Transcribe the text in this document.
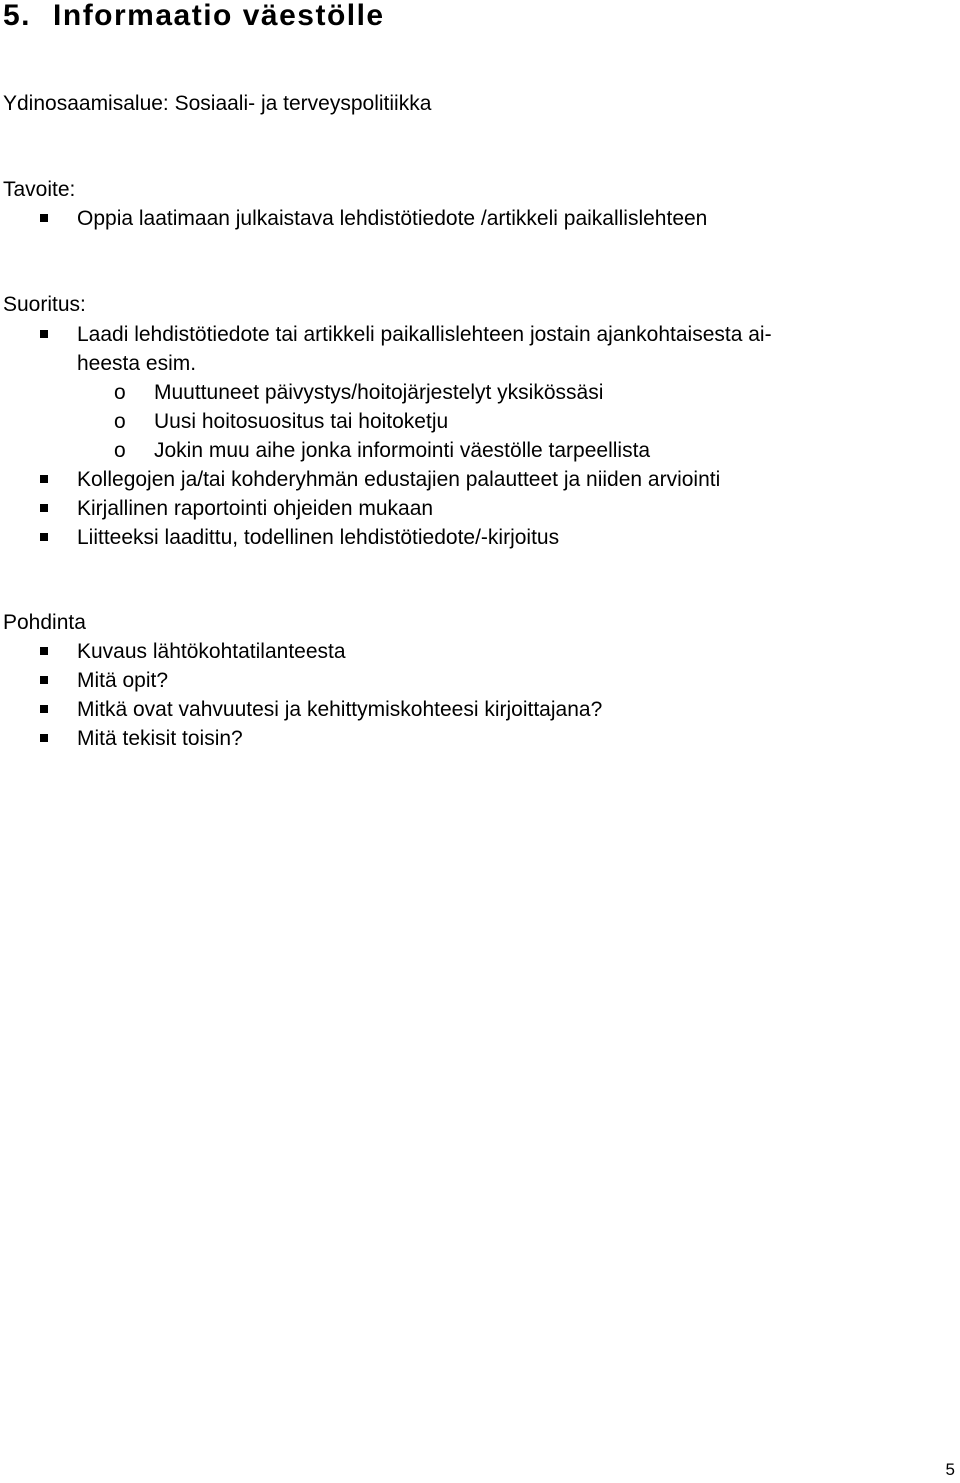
5. Informaatio väestölle
Ydinosaamisalue: Sosiaali- ja terveyspolitiikka
Tavoite:
Oppia laatimaan julkaistava lehdistötiedote /artikkeli paikallislehteen
Suoritus:
Laadi lehdistötiedote tai artikkeli paikallislehteen jostain ajankohtaisesta ai-
heesta esim.
o Muuttuneet päivystys/hoitojärjestelyt yksikössäsi
o Uusi hoitosuositus tai hoitoketju
o Jokin muu aihe jonka informointi väestölle tarpeellista
Kollegojen ja/tai kohderyhmän edustajien palautteet ja niiden arviointi
Kirjallinen raportointi ohjeiden mukaan
Liitteeksi laadittu, todellinen lehdistötiedote/-kirjoitus
Pohdinta
Kuvaus lähtökohtatilanteesta
Mitä opit?
Mitkä ovat vahvuutesi ja kehittymiskohteesi kirjoittajana?
Mitä tekisit toisin?
5
